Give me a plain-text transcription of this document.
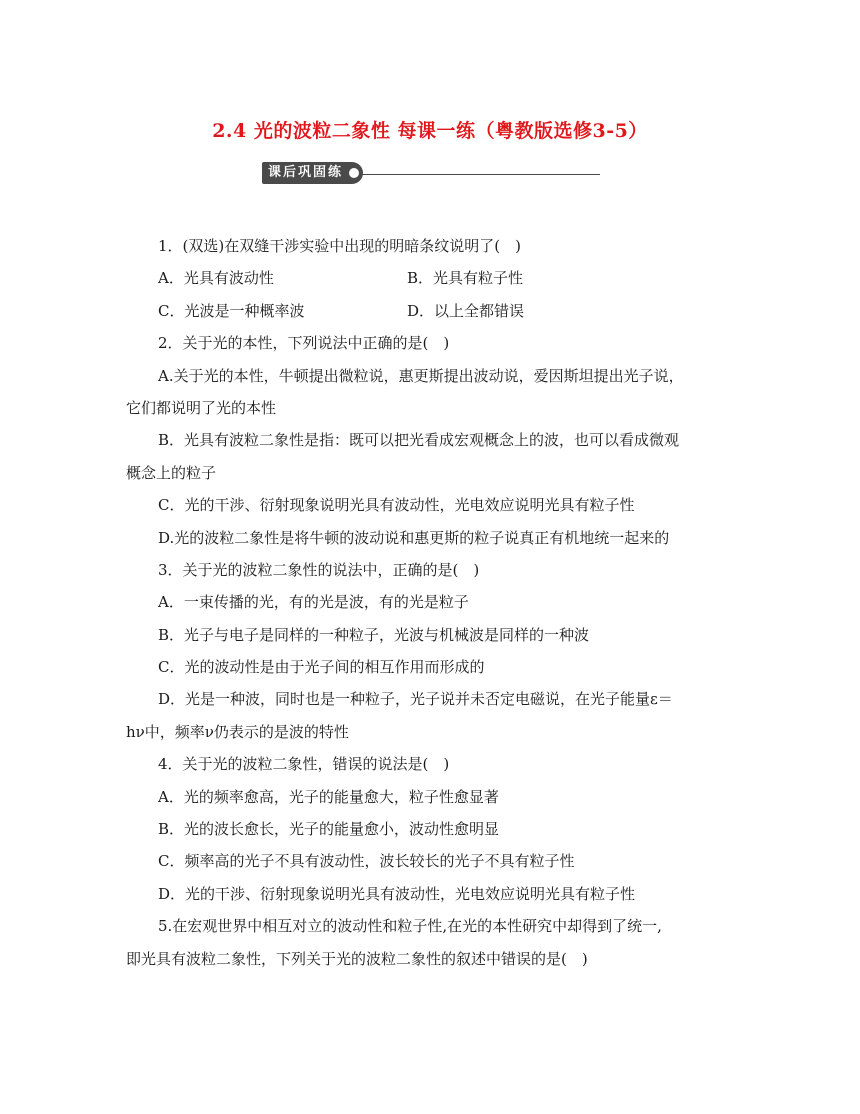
2.4 光的波粒二象性 每课一练（粤教版选修3-5）
课后巩固练
1．(双选)在双缝干涉实验中出现的明暗条纹说明了(　)
A．光具有波动性	B．光具有粒子性
C．光波是一种概率波	D．以上全都错误
2．关于光的本性，下列说法中正确的是(　)
A.关于光的本性，牛顿提出微粒说，惠更斯提出波动说，爱因斯坦提出光子说，
它们都说明了光的本性
B．光具有波粒二象性是指：既可以把光看成宏观概念上的波，也可以看成微观
概念上的粒子
C．光的干涉、衍射现象说明光具有波动性，光电效应说明光具有粒子性
D.光的波粒二象性是将牛顿的波动说和惠更斯的粒子说真正有机地统一起来的
3．关于光的波粒二象性的说法中，正确的是(　)
A．一束传播的光，有的光是波，有的光是粒子
B．光子与电子是同样的一种粒子，光波与机械波是同样的一种波
C．光的波动性是由于光子间的相互作用而形成的
D．光是一种波，同时也是一种粒子，光子说并未否定电磁说，在光子能量ε＝
hν中，频率ν仍表示的是波的特性
4．关于光的波粒二象性，错误的说法是(　)
A．光的频率愈高，光子的能量愈大，粒子性愈显著
B．光的波长愈长，光子的能量愈小，波动性愈明显
C．频率高的光子不具有波动性，波长较长的光子不具有粒子性
D．光的干涉、衍射现象说明光具有波动性，光电效应说明光具有粒子性
5.在宏观世界中相互对立的波动性和粒子性,在光的本性研究中却得到了统一,
即光具有波粒二象性，下列关于光的波粒二象性的叙述中错误的是(　)
